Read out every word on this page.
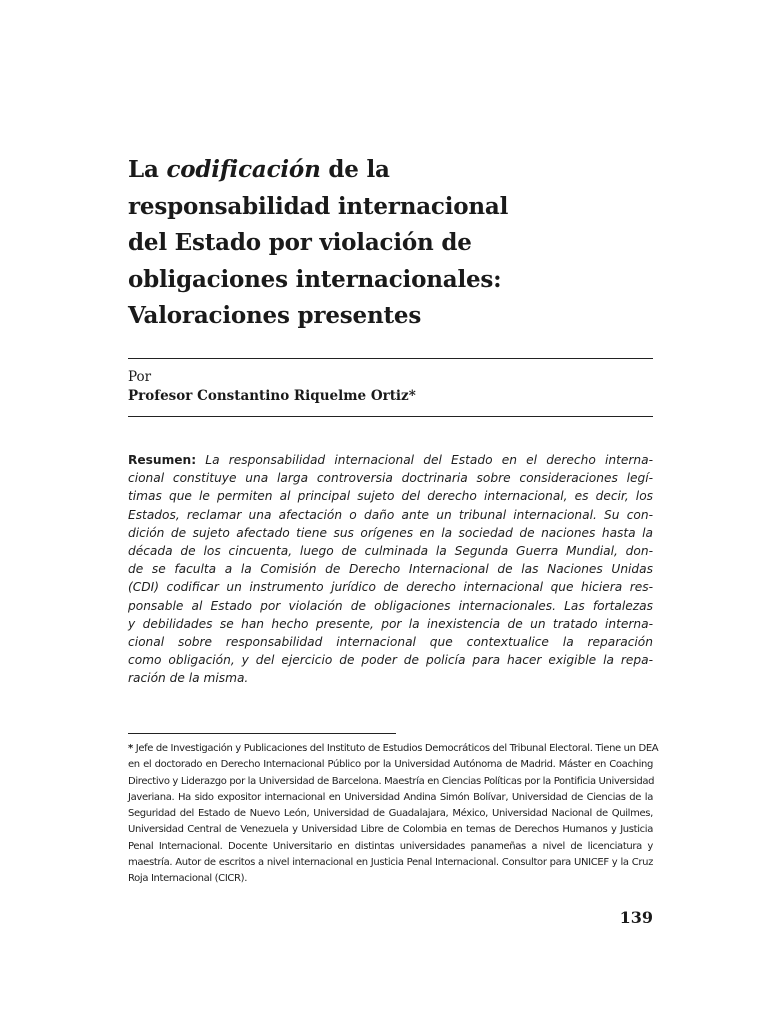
La codificación de la
responsabilidad internacional
del Estado por violación de
obligaciones internacionales:
Valoraciones presentes
Por
Profesor Constantino Riquelme Ortiz*
Resumen: La responsabilidad internacional del Estado en el derecho interna-
cional constituye una larga controversia doctrinaria sobre consideraciones legí-
timas que le permiten al principal sujeto del derecho internacional, es decir, los
Estados, reclamar una afectación o daño ante un tribunal internacional. Su con-
dición de sujeto afectado tiene sus orígenes en la sociedad de naciones hasta la
década de los cincuenta, luego de culminada la Segunda Guerra Mundial, don-
de se faculta a la Comisión de Derecho Internacional de las Naciones Unidas
(CDI) codificar un instrumento jurídico de derecho internacional que hiciera res-
ponsable al Estado por violación de obligaciones internacionales. Las fortalezas
y debilidades se han hecho presente, por la inexistencia de un tratado interna-
cional sobre responsabilidad internacional que contextualice la reparación
como obligación, y del ejercicio de poder de policía para hacer exigible la repa-
ración de la misma.
* Jefe de Investigación y Publicaciones del Instituto de Estudios Democráticos del Tribunal Electoral. Tiene un DEA
en el doctorado en Derecho Internacional Público por la Universidad Autónoma de Madrid. Máster en Coaching
Directivo y Liderazgo por la Universidad de Barcelona. Maestría en Ciencias Políticas por la Pontificia Universidad
Javeriana. Ha sido expositor internacional en Universidad Andina Simón Bolívar, Universidad de Ciencias de la
Seguridad del Estado de Nuevo León, Universidad de Guadalajara, México, Universidad Nacional de Quilmes,
Universidad Central de Venezuela y Universidad Libre de Colombia en temas de Derechos Humanos y Justicia
Penal Internacional. Docente Universitario en distintas universidades panameñas a nivel de licenciatura y
maestría. Autor de escritos a nivel internacional en Justicia Penal Internacional. Consultor para UNICEF y la Cruz
Roja Internacional (CICR).
139
